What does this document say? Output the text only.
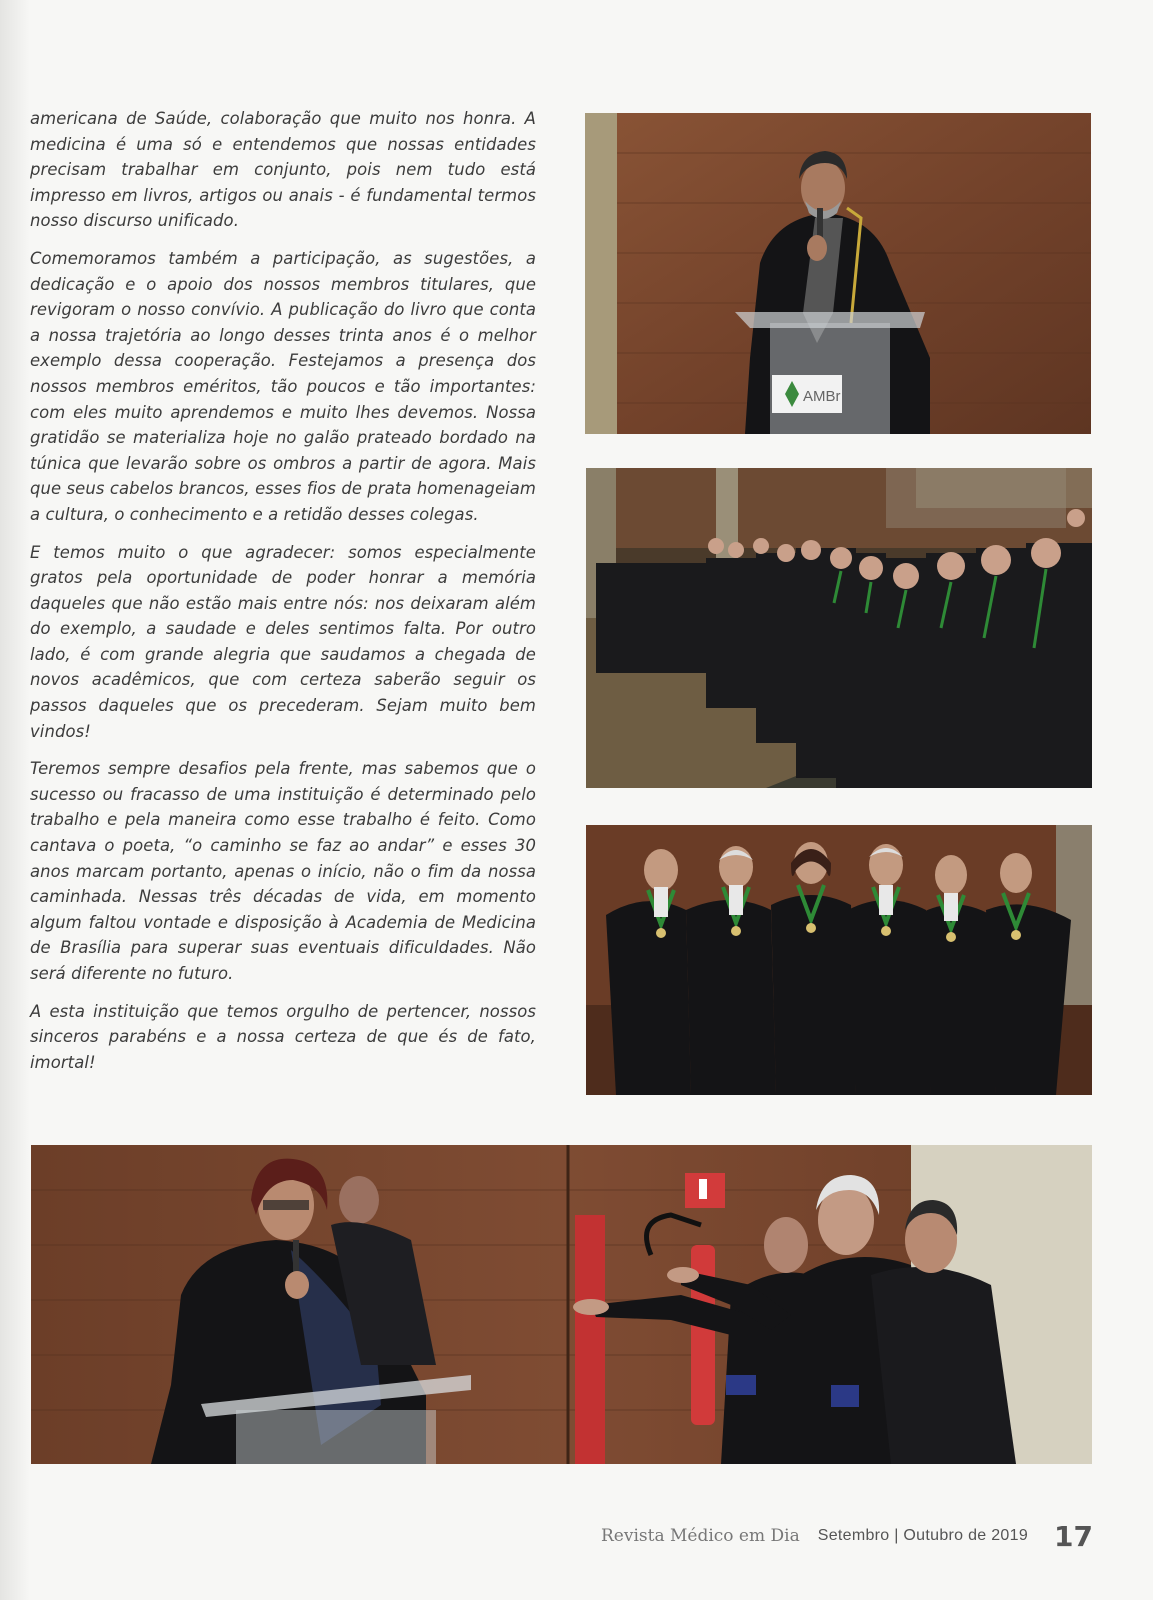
americana de Saúde, colaboração que muito nos honra. A medicina é uma só e entendemos que nossas entidades precisam trabalhar em conjunto, pois nem tudo está impresso em livros, artigos ou anais - é fundamental termos nosso discurso unificado.

Comemoramos também a participação, as sugestões, a dedicação e o apoio dos nossos membros titulares, que revigoram o nosso convívio. A publicação do livro que conta a nossa trajetória ao longo desses trinta anos é o melhor exemplo dessa cooperação. Festejamos a presença dos nossos membros eméritos, tão poucos e tão importantes: com eles muito aprendemos e muito lhes devemos. Nossa gratidão se materializa hoje no galão prateado bordado na túnica que levarão sobre os ombros a partir de agora. Mais que seus cabelos brancos, esses fios de prata homenageiam a cultura, o conhecimento e a retidão desses colegas.

E temos muito o que agradecer: somos especialmente gratos pela oportunidade de poder honrar a memória daqueles que não estão mais entre nós: nos deixaram além do exemplo, a saudade e deles sentimos falta. Por outro lado, é com grande alegria que saudamos a chegada de novos acadêmicos, que com certeza saberão seguir os passos daqueles que os precederam. Sejam muito bem vindos!

Teremos sempre desafios pela frente, mas sabemos que o sucesso ou fracasso de uma instituição é determinado pelo trabalho e pela maneira como esse trabalho é feito. Como cantava o poeta, “o caminho se faz ao andar” e esses 30 anos marcam portanto, apenas o início, não o fim da nossa caminhada. Nessas três décadas de vida, em momento algum faltou vontade e disposição à Academia de Medicina de Brasília para superar suas eventuais dificuldades. Não será diferente no futuro.

A esta instituição que temos orgulho de pertencer, nossos sinceros parabéns e a nossa certeza de que és de fato, imortal!

AMBr
Revista Médico em Dia Setembro | Outubro de 2019 17
